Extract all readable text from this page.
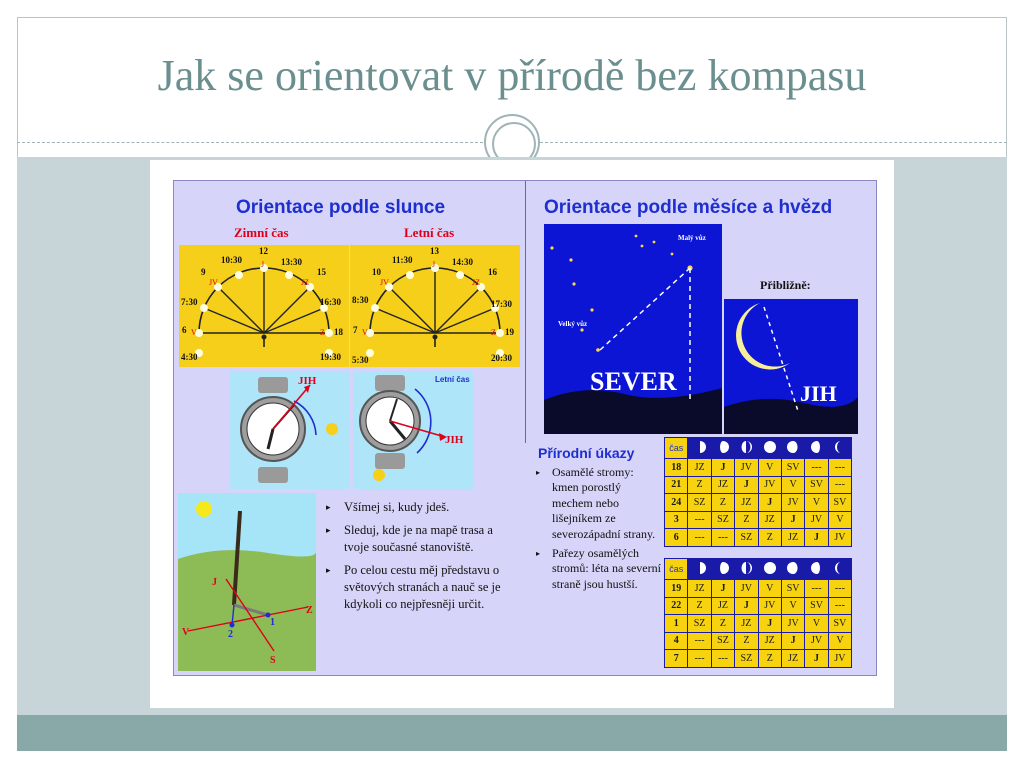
Jak se orientovat v přírodě bez kompasu
Orientace podle slunce
Zimní čas	Letní čas
12
10:30	13:30
9	15
7:30	16:30
6	18
4:30	19:30
J
JV	JZ
V	Z
13
11:30	14:30
10	16
8:30	17:30
7	19
5:30	20:30
J
JV	JZ
V	Z
JIH	Letní čas
JIH
J
Z
V
S
1
2
▸ Všímej si, kudy jdeš.
▸ Sleduj, kde je na mapě trasa a tvoje současné stanoviště.
▸ Po celou cestu měj představu o světových stranách a nauč se je kdykoli co nejpřesněji určit.
Orientace podle měsíce a hvězd
Malý vůz
Velký vůz
SEVER
Přibližně:
JIH
Přírodní úkazy
▸ Osamělé stromy: kmen porostlý mechem nebo lišejníkem ze severozápadní strany.
▸ Pařezy osamělých stromů: léta na severní straně jsou hustší.
čas							
18	JZ	J	JV	V	SV	---	---
21	Z	JZ	J	JV	V	SV	---
24	SZ	Z	JZ	J	JV	V	SV
3	---	SZ	Z	JZ	J	JV	V
6	---	---	SZ	Z	JZ	J	JV
čas							
19	JZ	J	JV	V	SV	---	---
22	Z	JZ	J	JV	V	SV	---
1	SZ	Z	JZ	J	JV	V	SV
4	---	SZ	Z	JZ	J	JV	V
7	---	---	SZ	Z	JZ	J	JV
